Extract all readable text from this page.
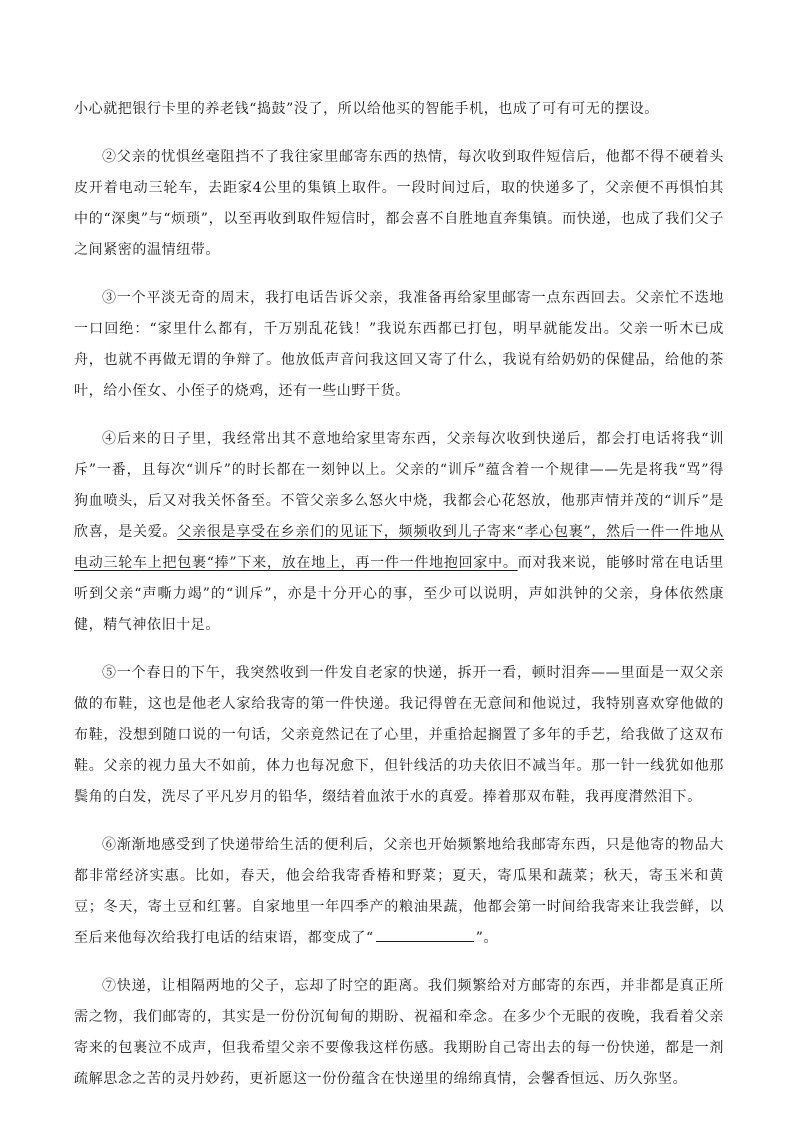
小心就把银行卡里的养老钱“捣鼓”没了，所以给他买的智能手机，也成了可有可无的摆设。

②父亲的忧惧丝毫阻挡不了我往家里邮寄东西的热情，每次收到取件短信后，他都不得不硬着头皮开着电动三轮车，去距家4公里的集镇上取件。一段时间过后，取的快递多了，父亲便不再惧怕其中的“深奥”与“烦琐”，以至再收到取件短信时，都会喜不自胜地直奔集镇。而快递，也成了我们父子之间紧密的温情纽带。

③一个平淡无奇的周末，我打电话告诉父亲，我准备再给家里邮寄一点东西回去。父亲忙不迭地一口回绝：“家里什么都有，千万别乱花钱！”我说东西都已打包，明早就能发出。父亲一听木已成舟，也就不再做无谓的争辩了。他放低声音问我这回又寄了什么，我说有给奶奶的保健品，给他的茶叶，给小侄女、小侄子的烧鸡，还有一些山野干货。

④后来的日子里，我经常出其不意地给家里寄东西，父亲每次收到快递后，都会打电话将我“训斥”一番，且每次“训斥”的时长都在一刻钟以上。父亲的“训斥”蕴含着一个规律——先是将我“骂”得狗血喷头，后又对我关怀备至。不管父亲多么怒火中烧，我都会心花怒放，他那声情并茂的“训斥”是欣喜，是关爱。父亲很是享受在乡亲们的见证下，频频收到儿子寄来“孝心包裹”，然后一件一件地从电动三轮车上把包裹“捧”下来，放在地上，再一件一件地抱回家中。而对我来说，能够时常在电话里听到父亲“声嘶力竭”的“训斥”，亦是十分开心的事，至少可以说明，声如洪钟的父亲，身体依然康健，精气神依旧十足。

⑤一个春日的下午，我突然收到一件发自老家的快递，拆开一看，顿时泪奔——里面是一双父亲做的布鞋，这也是他老人家给我寄的第一件快递。我记得曾在无意间和他说过，我特别喜欢穿他做的布鞋，没想到随口说的一句话，父亲竟然记在了心里，并重拾起搁置了多年的手艺，给我做了这双布鞋。父亲的视力虽大不如前，体力也每况愈下，但针线活的功夫依旧不减当年。那一针一线犹如他那鬓角的白发，洗尽了平凡岁月的铅华，缀结着血浓于水的真爱。捧着那双布鞋，我再度潸然泪下。

⑥渐渐地感受到了快递带给生活的便利后，父亲也开始频繁地给我邮寄东西，只是他寄的物品大都非常经济实惠。比如，春天，他会给我寄香椿和野菜；夏天，寄瓜果和蔬菜；秋天，寄玉米和黄豆；冬天，寄土豆和红薯。自家地里一年四季产的粮油果蔬，他都会第一时间给我寄来让我尝鲜，以至后来他每次给我打电话的结束语，都变成了“	”。

⑦快递，让相隔两地的父子，忘却了时空的距离。我们频繁给对方邮寄的东西，并非都是真正所需之物，我们邮寄的，其实是一份份沉甸甸的期盼、祝福和牵念。在多少个无眠的夜晚，我看着父亲寄来的包裹泣不成声，但我希望父亲不要像我这样伤感。我期盼自己寄出去的每一份快递，都是一剂疏解思念之苦的灵丹妙药，更祈愿这一份份蕴含在快递里的绵绵真情，会馨香恒远、历久弥坚。
